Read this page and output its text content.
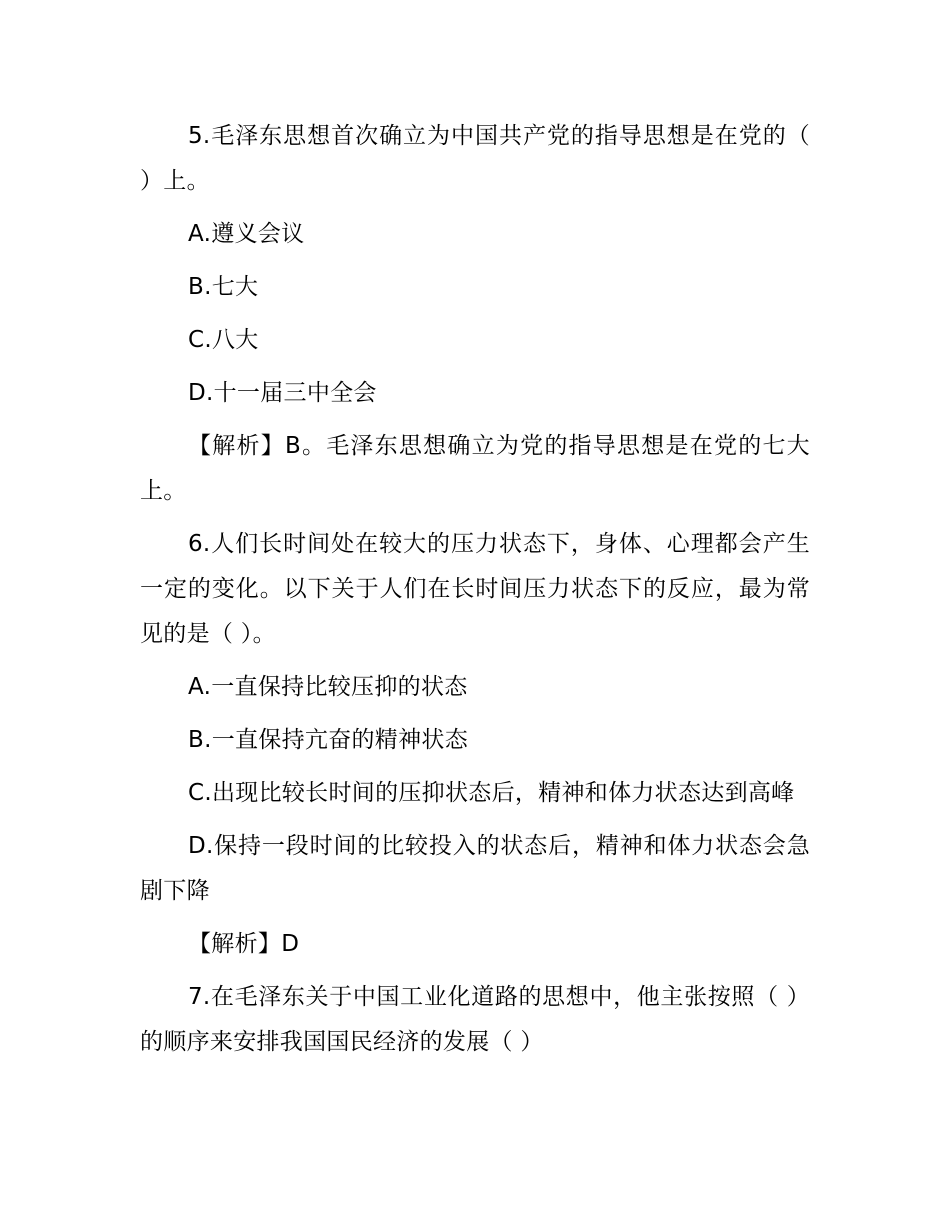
5.毛泽东思想首次确立为中国共产党的指导思想是在党的（ ）上。

A.遵义会议

B.七大

C.八大

D.十一届三中全会

【解析】B。毛泽东思想确立为党的指导思想是在党的七大上。

6.人们长时间处在较大的压力状态下，身体、心理都会产生一定的变化。以下关于人们在长时间压力状态下的反应，最为常见的是（ ）。

A.一直保持比较压抑的状态

B.一直保持亢奋的精神状态

C.出现比较长时间的压抑状态后，精神和体力状态达到高峰

D.保持一段时间的比较投入的状态后，精神和体力状态会急剧下降

【解析】D

7.在毛泽东关于中国工业化道路的思想中，他主张按照（ ）的顺序来安排我国国民经济的发展（ ）
